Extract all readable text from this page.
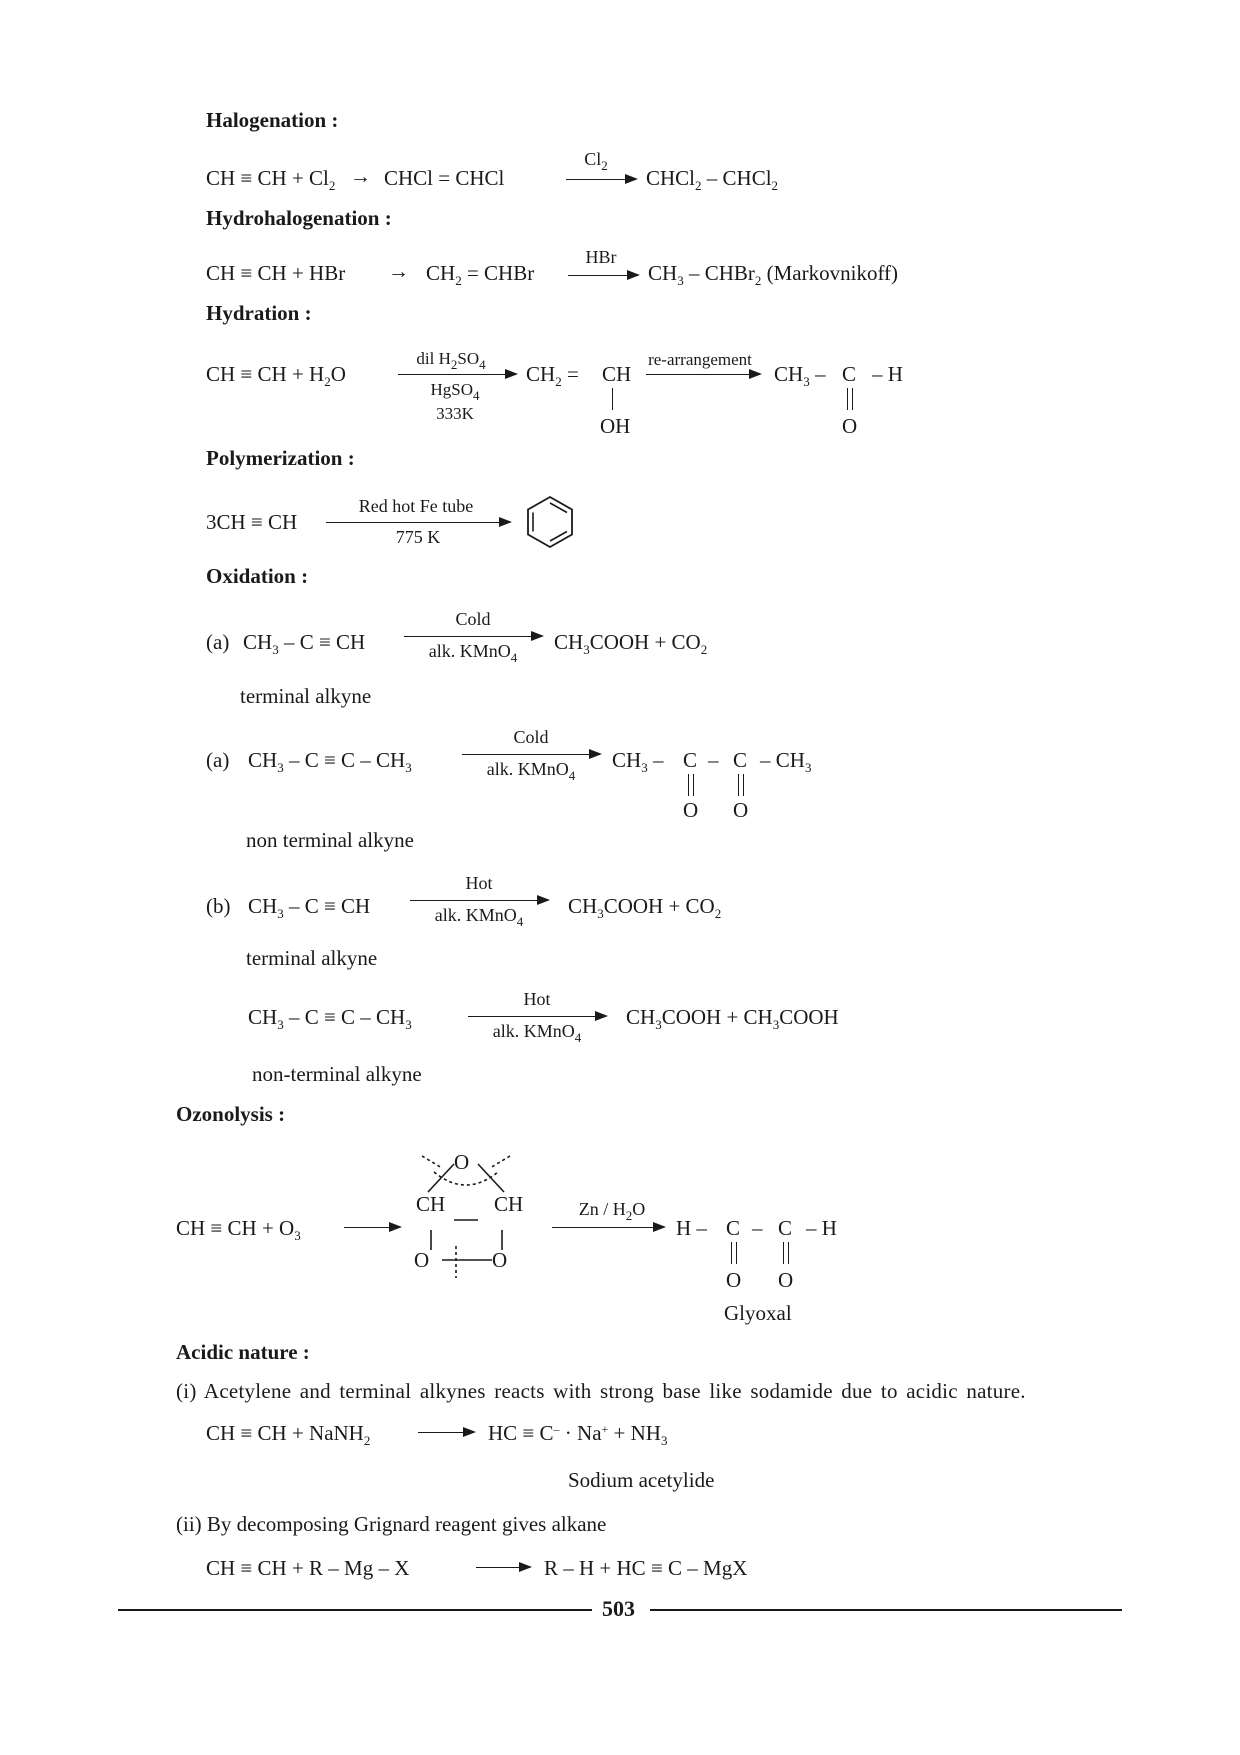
Halogenation :
CH ≡ CH + $Cl_2$ → CHCl = CHCl
$Cl_2$
CHCl$_2$ – CHCl$_2$
Hydrohalogenation :
CH ≡ CH + HBr → $CH_2$ = CHBr
HBr
$CH_3$ – CHBr$_2$ (Markovnikoff)
Hydration :
CH ≡ CH + $H_2O$
dil $H_2SO_4$
HgSO$_4$
333K
$CH_2$ = CH
OH
re-arrangement
$CH_3$ – C – H
O
Polymerization :
3CH ≡ CH
Red hot Fe tube
775 K
Oxidation :
(a) $CH_3$ – C ≡ CH
Cold
alk. KMnO$_4$
$CH_3COOH + CO_2$
terminal alkyne
(a) $CH_3 - C \equiv C - CH_3$
Cold
alk. KMnO$_4$
$CH_3$ – C – C – $CH_3$
O O
non terminal alkyne
(b) $CH_3$ – C ≡ CH
Hot
alk. KMnO$_4$
$CH_3COOH + CO_2$
terminal alkyne
$CH_3 - C \equiv C - CH_3$
Hot
alk. KMnO$_4$
$CH_3COOH$ + $CH_3COOH$
non-terminal alkyne
Ozonolysis :
CH ≡ CH + $O_3$
O
CH CH
O	O
Zn / $H_2O$
H – C – C – H
O O
Glyoxal
Acidic nature :
(i) Acetylene and terminal alkynes reacts with strong base like sodamide due to acidic nature.
CH ≡ CH + NaNH$_2$	HC ≡ $C^- \cdot Na^+ + NH_3$
Sodium acetylide
(ii) By decomposing Grignard reagent gives alkane
CH ≡ CH + R – Mg – X	R – H + HC ≡ C – MgX
503
